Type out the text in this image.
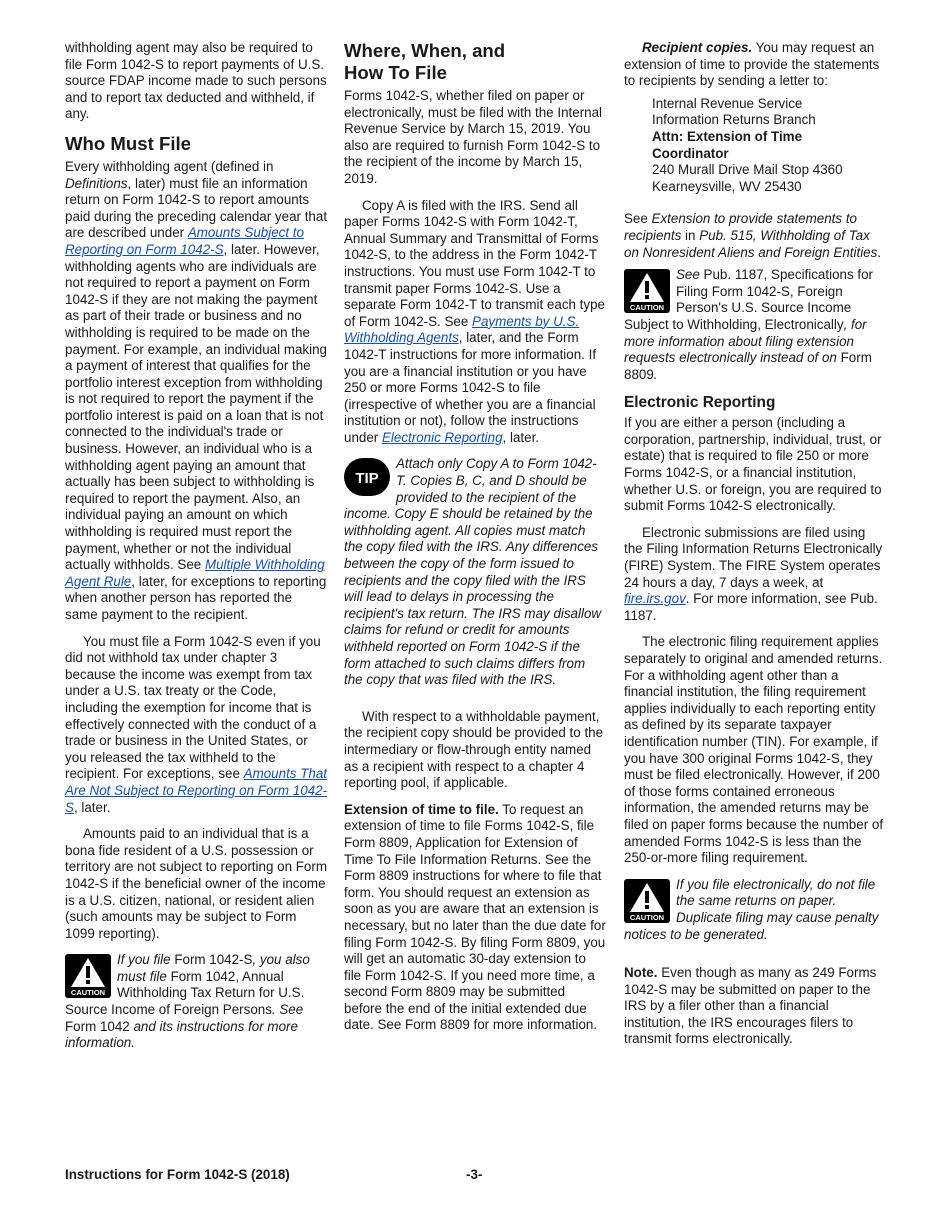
withholding agent may also be required to file Form 1042-S to report payments of U.S. source FDAP income made to such persons and to report tax deducted and withheld, if any.

Who Must File

Every withholding agent (defined in Definitions, later) must file an information return on Form 1042-S to report amounts paid during the preceding calendar year that are described under Amounts Subject to Reporting on Form 1042-S, later. However, withholding agents who are individuals are not required to report a payment on Form 1042-S if they are not making the payment as part of their trade or business and no withholding is required to be made on the payment. For example, an individual making a payment of interest that qualifies for the portfolio interest exception from withholding is not required to report the payment if the portfolio interest is paid on a loan that is not connected to the individual's trade or business. However, an individual who is a withholding agent paying an amount that actually has been subject to withholding is required to report the payment. Also, an individual paying an amount on which withholding is required must report the payment, whether or not the individual actually withholds. See Multiple Withholding Agent Rule, later, for exceptions to reporting when another person has reported the same payment to the recipient.

You must file a Form 1042-S even if you did not withhold tax under chapter 3 because the income was exempt from tax under a U.S. tax treaty or the Code, including the exemption for income that is effectively connected with the conduct of a trade or business in the United States, or you released the tax withheld to the recipient. For exceptions, see Amounts That Are Not Subject to Reporting on Form 1042-S, later.

Amounts paid to an individual that is a bona fide resident of a U.S. possession or territory are not subject to reporting on Form 1042-S if the beneficial owner of the income is a U.S. citizen, national, or resident alien (such amounts may be subject to Form 1099 reporting).

CAUTION
If you file Form 1042-S, you also must file Form 1042, Annual Withholding Tax Return for U.S. Source Income of Foreign Persons. See Form 1042 and its instructions for more information.
Where, When, and How To File

Forms 1042-S, whether filed on paper or electronically, must be filed with the Internal Revenue Service by March 15, 2019. You also are required to furnish Form 1042-S to the recipient of the income by March 15, 2019.

Copy A is filed with the IRS. Send all paper Forms 1042-S with Form 1042-T, Annual Summary and Transmittal of Forms 1042-S, to the address in the Form 1042-T instructions. You must use Form 1042-T to transmit paper Forms 1042-S. Use a separate Form 1042-T to transmit each type of Form 1042-S. See Payments by U.S. Withholding Agents, later, and the Form 1042-T instructions for more information. If you are a financial institution or you have 250 or more Forms 1042-S to file (irrespective of whether you are a financial institution or not), follow the instructions under Electronic Reporting, later.

TIP
Attach only Copy A to Form 1042-T. Copies B, C, and D should be provided to the recipient of the income. Copy E should be retained by the withholding agent. All copies must match the copy filed with the IRS. Any differences between the copy of the form issued to recipients and the copy filed with the IRS will lead to delays in processing the recipient's tax return. The IRS may disallow claims for refund or credit for amounts withheld reported on Form 1042-S if the form attached to such claims differs from the copy that was filed with the IRS.

With respect to a withholdable payment, the recipient copy should be provided to the intermediary or flow-through entity named as a recipient with respect to a chapter 4 reporting pool, if applicable.

Extension of time to file. To request an extension of time to file Forms 1042-S, file Form 8809, Application for Extension of Time To File Information Returns. See the Form 8809 instructions for where to file that form. You should request an extension as soon as you are aware that an extension is necessary, but no later than the due date for filing Form 1042-S. By filing Form 8809, you will get an automatic 30-day extension to file Form 1042-S. If you need more time, a second Form 8809 may be submitted before the end of the initial extended due date. See Form 8809 for more information.

Recipient copies. You may request an extension of time to provide the statements to recipients by sending a letter to:

Internal Revenue Service
Information Returns Branch
Attn: Extension of Time
Coordinator
240 Murall Drive Mail Stop 4360
Kearneysville, WV 25430

See Extension to provide statements to recipients in Pub. 515, Withholding of Tax on Nonresident Aliens and Foreign Entities.

CAUTION
See Pub. 1187, Specifications for Filing Form 1042-S, Foreign Person's U.S. Source Income Subject to Withholding, Electronically, for more information about filing extension requests electronically instead of on Form 8809.
Electronic Reporting

If you are either a person (including a corporation, partnership, individual, trust, or estate) that is required to file 250 or more Forms 1042-S, or a financial institution, whether U.S. or foreign, you are required to submit Forms 1042-S electronically.

Electronic submissions are filed using the Filing Information Returns Electronically (FIRE) System. The FIRE System operates 24 hours a day, 7 days a week, at fire.irs.gov. For more information, see Pub. 1187.

The electronic filing requirement applies separately to original and amended returns. For a withholding agent other than a financial institution, the filing requirement applies individually to each reporting entity as defined by its separate taxpayer identification number (TIN). For example, if you have 300 original Forms 1042-S, they must be filed electronically. However, if 200 of those forms contained erroneous information, the amended returns may be filed on paper forms because the number of amended Forms 1042-S is less than the 250-or-more filing requirement.

CAUTION
If you file electronically, do not file the same returns on paper. Duplicate filing may cause penalty notices to be generated.

Note. Even though as many as 249 Forms 1042-S may be submitted on paper to the IRS by a filer other than a financial institution, the IRS encourages filers to transmit forms electronically.

Instructions for Form 1042-S (2018)	-3-
